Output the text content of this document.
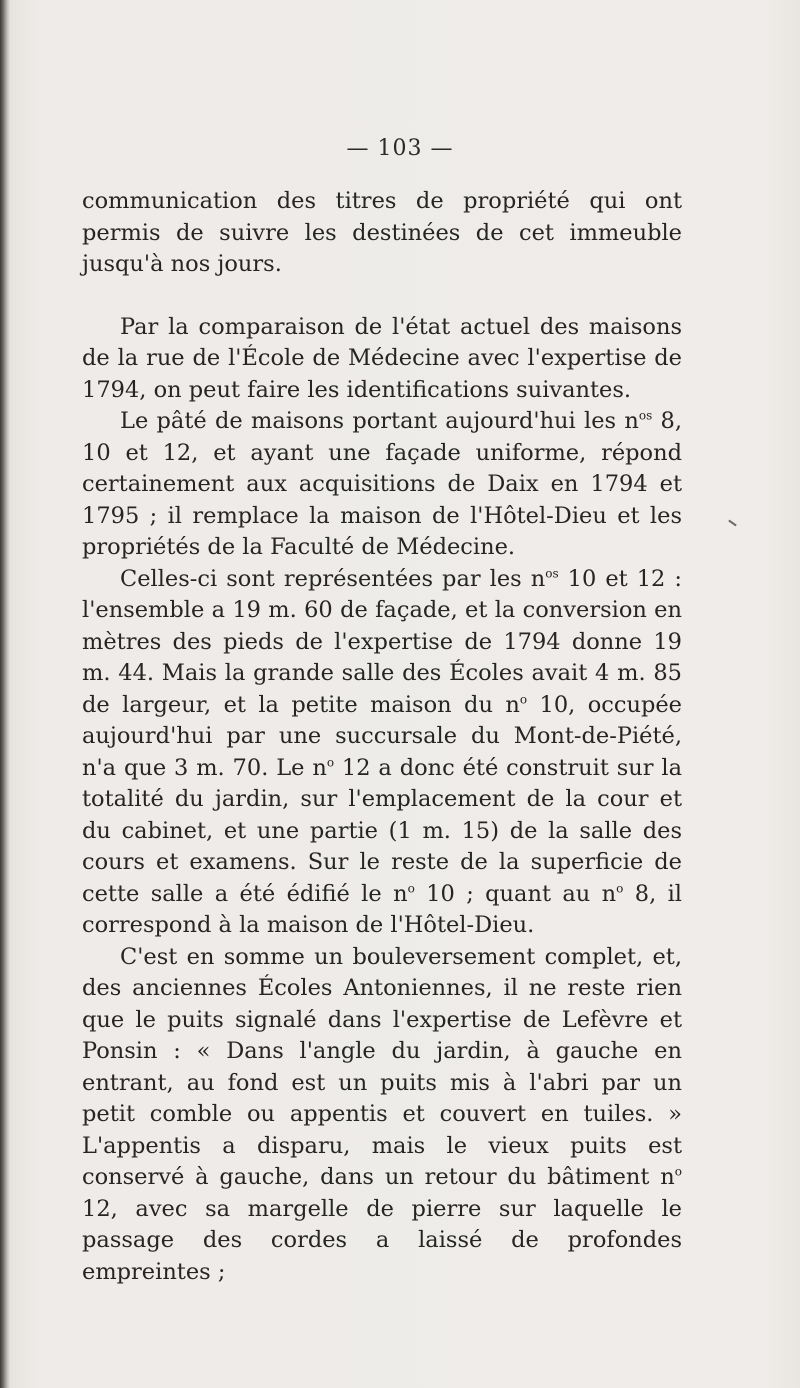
— 103 —

communication des titres de propriété qui ont permis de suivre les destinées de cet immeuble jusqu'à nos jours.

Par la comparaison de l'état actuel des maisons de la rue de l'École de Médecine avec l'expertise de 1794, on peut faire les identifications suivantes.

Le pâté de maisons portant aujourd'hui les $n^{os}$ 8, 10 et 12, et ayant une façade uniforme, répond certainement aux acquisitions de Daix en 1794 et 1795 ; il remplace la maison de l'Hôtel-Dieu et les propriétés de la Faculté de Médecine.

Celles-ci sont représentées par les $n^{os}$ 10 et 12 : l'ensemble a 19 m. 60 de façade, et la conversion en mètres des pieds de l'expertise de 1794 donne 19 m. 44. Mais la grande salle des Écoles avait 4 m. 85 de largeur, et la petite maison du $n^o$ 10, occupée aujourd'hui par une succursale du Mont-de-Piété, n'a que 3 m. 70. Le $n^o$ 12 a donc été construit sur la totalité du jardin, sur l'emplacement de la cour et du cabinet, et une partie (1 m. 15) de la salle des cours et examens. Sur le reste de la superficie de cette salle a été édifié le $n^o$ 10 ; quant au $n^o$ 8, il correspond à la maison de l'Hôtel-Dieu.

C'est en somme un bouleversement complet, et, des anciennes Écoles Antoniennes, il ne reste rien que le puits signalé dans l'expertise de Lefèvre et Ponsin : « Dans l'angle du jardin, à gauche en entrant, au fond est un puits mis à l'abri par un petit comble ou appentis et couvert en tuiles. » L'appentis a disparu, mais le vieux puits est conservé à gauche, dans un retour du bâtiment $n^o$ 12, avec sa margelle de pierre sur laquelle le passage des cordes a laissé de profondes empreintes ;
